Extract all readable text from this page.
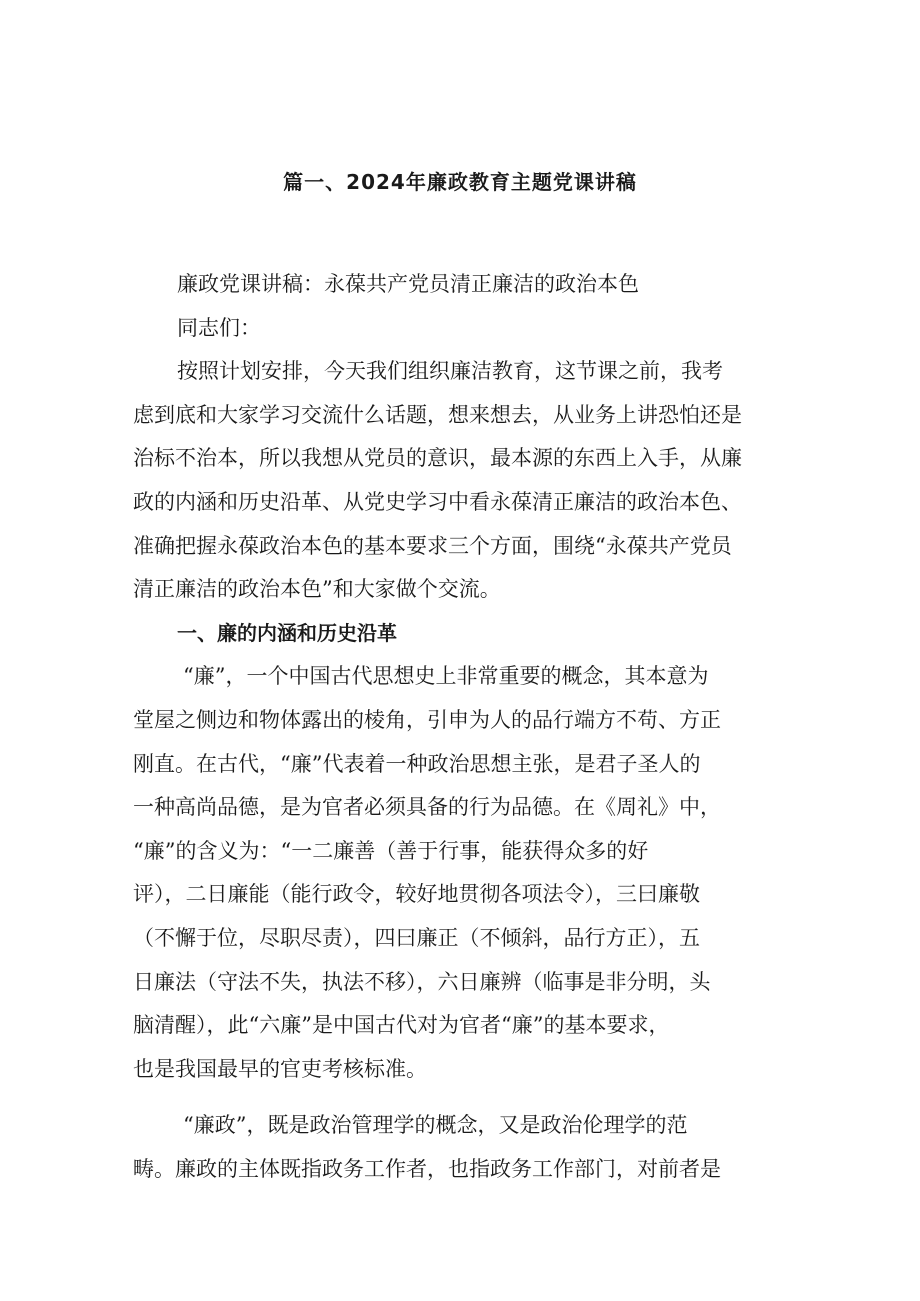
篇一、2024年廉政教育主题党课讲稿
廉政党课讲稿：永葆共产党员清正廉洁的政治本色
同志们：
按照计划安排，今天我们组织廉洁教育，这节课之前，我考
虑到底和大家学习交流什么话题，想来想去，从业务上讲恐怕还是
治标不治本，所以我想从党员的意识，最本源的东西上入手，从廉
政的内涵和历史沿革、从党史学习中看永葆清正廉洁的政治本色、
准确把握永葆政治本色的基本要求三个方面，围绕“永葆共产党员
清正廉洁的政治本色”和大家做个交流。
一、廉的内涵和历史沿革
“廉”，一个中国古代思想史上非常重要的概念，其本意为
堂屋之侧边和物体露出的棱角，引申为人的品行端方不苟、方正
刚直。在古代，“廉”代表着一种政治思想主张，是君子圣人的
一种高尚品德，是为官者必须具备的行为品德。在《周礼》中，
“廉”的含义为：“一二廉善（善于行事，能获得众多的好
评），二日廉能（能行政令，较好地贯彻各项法令），三曰廉敬
（不懈于位，尽职尽责），四曰廉正（不倾斜，品行方正），五
日廉法（守法不失，执法不移），六日廉辨（临事是非分明，头
脑清醒），此“六廉”是中国古代对为官者“廉”的基本要求，
也是我国最早的官吏考核标准。
“廉政”，既是政治管理学的概念，又是政治伦理学的范
畴。廉政的主体既指政务工作者，也指政务工作部门，对前者是
